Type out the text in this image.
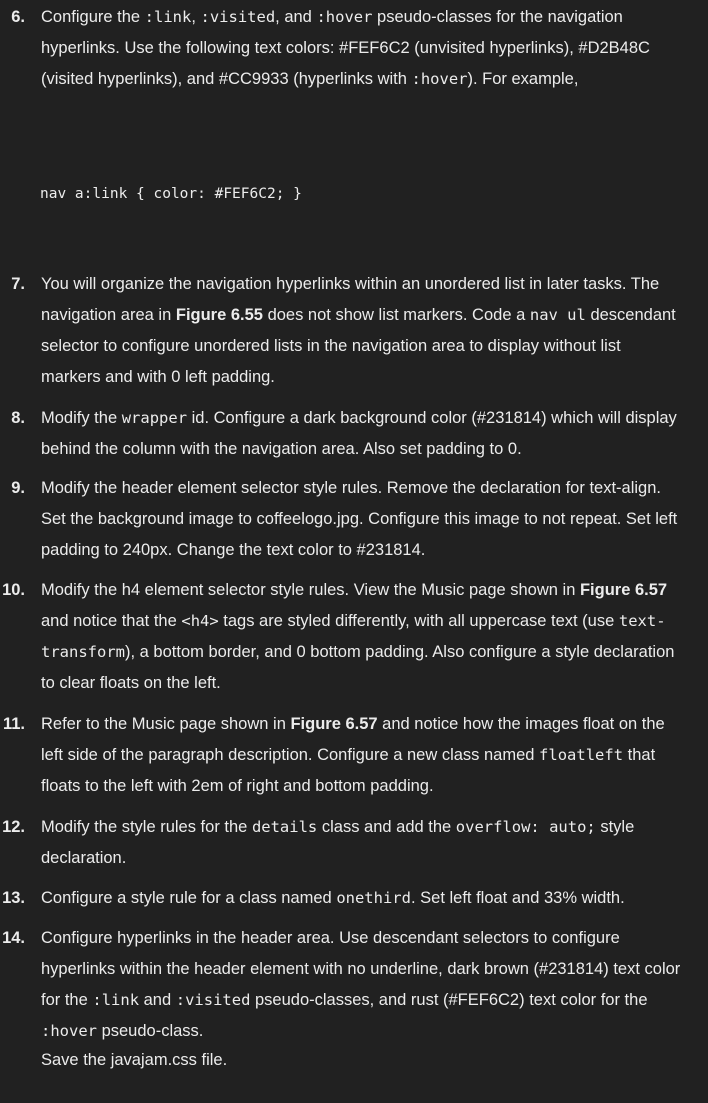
6. Configure the :link, :visited, and :hover pseudo-classes for the navigation hyperlinks. Use the following text colors: #FEF6C2 (unvisited hyperlinks), #D2B48C (visited hyperlinks), and #CC9933 (hyperlinks with :hover). For example,
nav a:link { color: #FEF6C2; }
7. You will organize the navigation hyperlinks within an unordered list in later tasks. The navigation area in Figure 6.55 does not show list markers. Code a nav ul descendant selector to configure unordered lists in the navigation area to display without list markers and with 0 left padding.
8. Modify the wrapper id. Configure a dark background color (#231814) which will display behind the column with the navigation area. Also set padding to 0.
9. Modify the header element selector style rules. Remove the declaration for text-align. Set the background image to coffeelogo.jpg. Configure this image to not repeat. Set left padding to 240px. Change the text color to #231814.
10. Modify the h4 element selector style rules. View the Music page shown in Figure 6.57 and notice that the <h4> tags are styled differently, with all uppercase text (use text-transform), a bottom border, and 0 bottom padding. Also configure a style declaration to clear floats on the left.
11. Refer to the Music page shown in Figure 6.57 and notice how the images float on the left side of the paragraph description. Configure a new class named floatleft that floats to the left with 2em of right and bottom padding.
12. Modify the style rules for the details class and add the overflow: auto; style declaration.
13. Configure a style rule for a class named onethird. Set left float and 33% width.
14. Configure hyperlinks in the header area. Use descendant selectors to configure hyperlinks within the header element with no underline, dark brown (#231814) text color for the :link and :visited pseudo-classes, and rust (#FEF6C2) text color for the :hover pseudo-class.
Save the javajam.css file.
